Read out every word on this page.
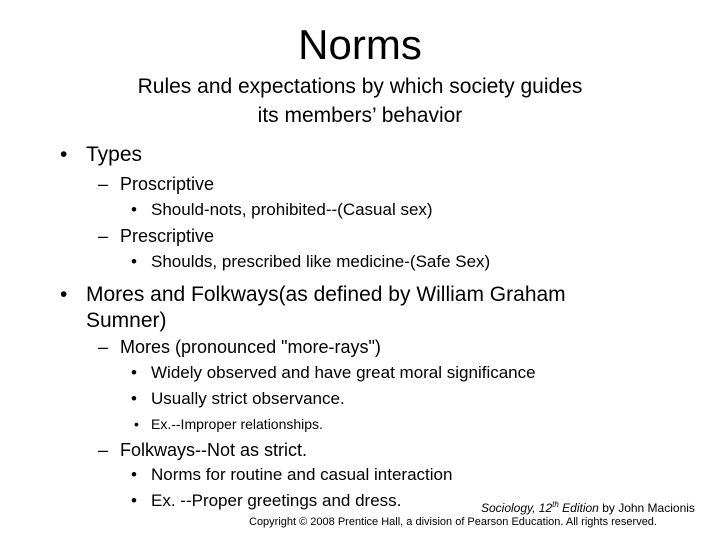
Norms
Rules and expectations by which society guides
its members’ behavior
• Types
– Proscriptive
• Should-nots, prohibited--(Casual sex)
– Prescriptive
• Shoulds, prescribed like medicine-(Safe Sex)
• Mores and Folkways(as defined by William Graham
Sumner)
– Mores (pronounced "more-rays")
• Widely observed and have great moral significance
• Usually strict observance.
• Ex.--Improper relationships.
– Folkways--Not as strict.
• Norms for routine and casual interaction
• Ex. --Proper greetings and dress.	Sociology, 12th Edition by John Macionis
Copyright © 2008 Prentice Hall, a division of Pearson Education. All rights reserved.
